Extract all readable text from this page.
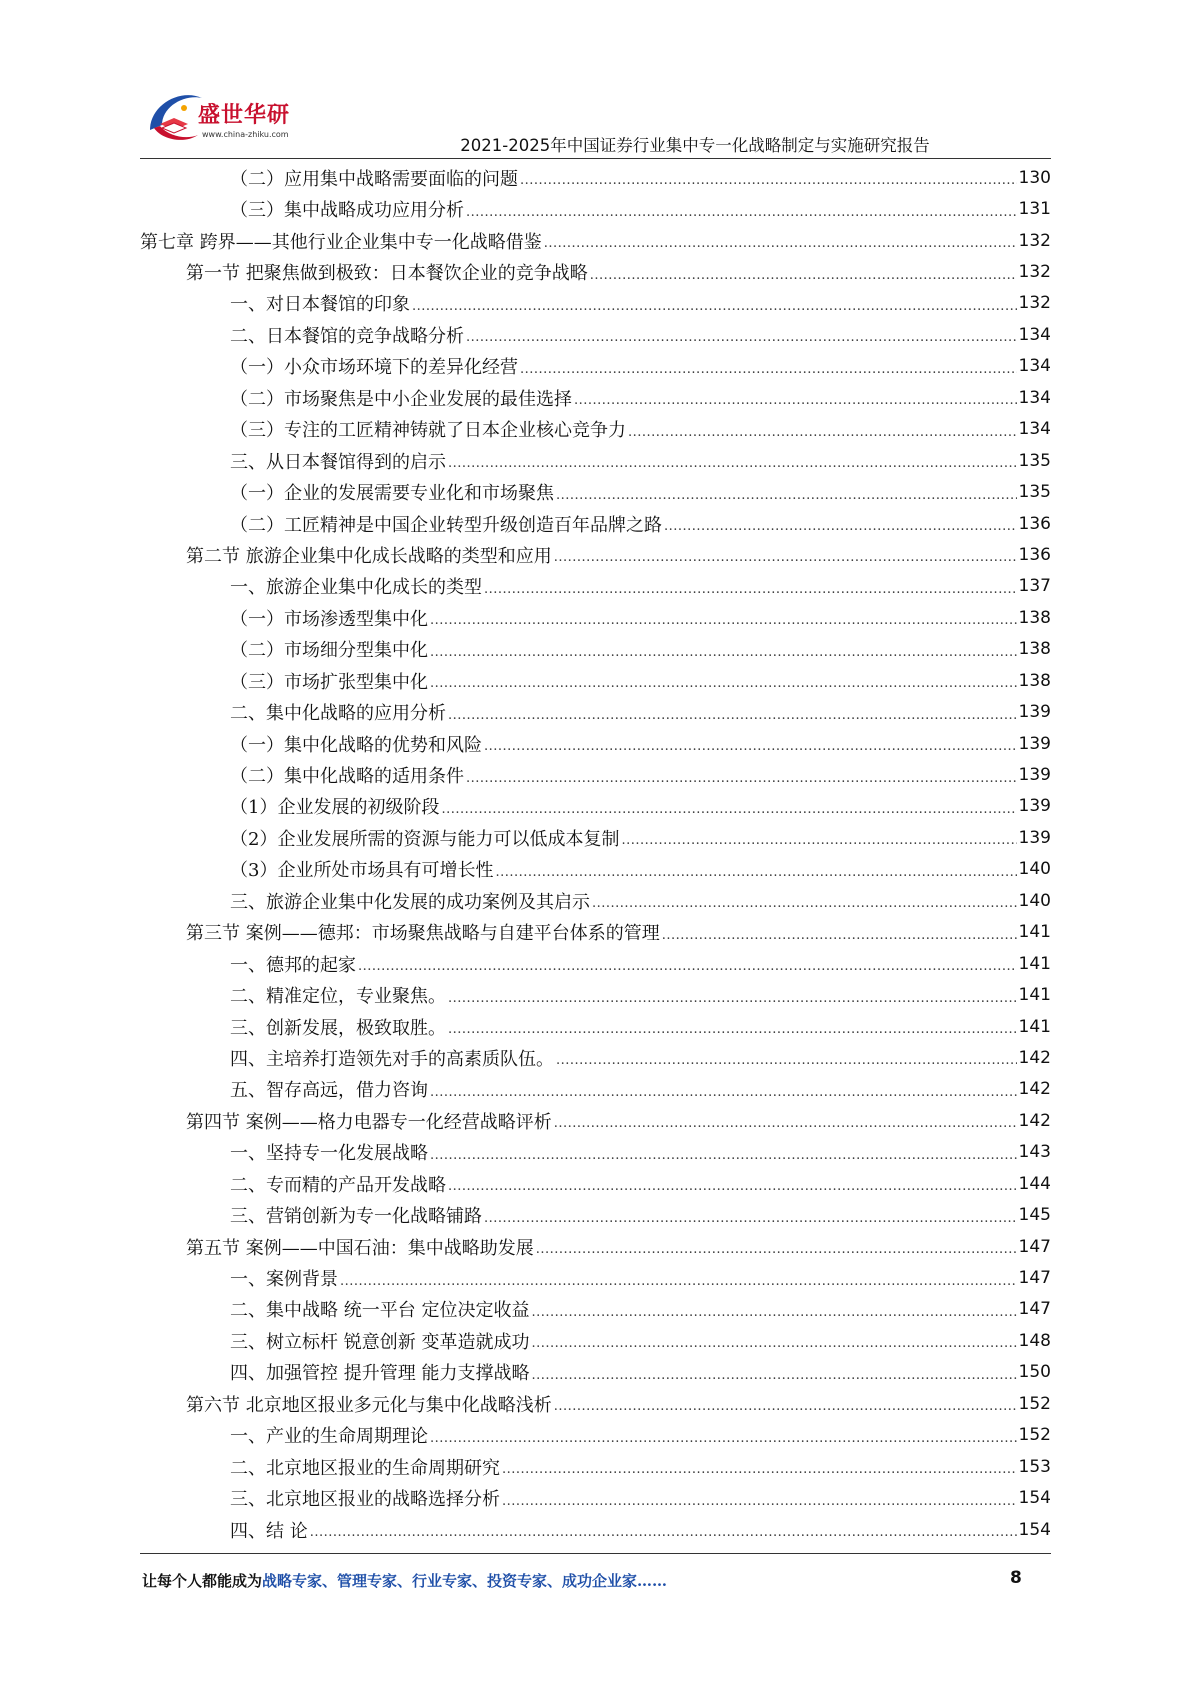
盛世华研
www.china-zhiku.com
2021-2025年中国证券行业集中专一化战略制定与实施研究报告
（二）应用集中战略需要面临的问题 .....	130
（三）集中战略成功应用分析 .....	131
第七章 跨界——其他行业企业集中专一化战略借鉴 .....	132
第一节 把聚焦做到极致：日本餐饮企业的竞争战略 .....	132
一、对日本餐馆的印象 .....	132
二、日本餐馆的竞争战略分析 .....	134
（一）小众市场环境下的差异化经营 .....	134
（二）市场聚焦是中小企业发展的最佳选择 .....	134
（三）专注的工匠精神铸就了日本企业核心竞争力 .....	134
三、从日本餐馆得到的启示 .....	135
（一）企业的发展需要专业化和市场聚焦 .....	135
（二）工匠精神是中国企业转型升级创造百年品牌之路 .....	136
第二节 旅游企业集中化成长战略的类型和应用 .....	136
一、旅游企业集中化成长的类型 .....	137
（一）市场渗透型集中化 .....	138
（二）市场细分型集中化 .....	138
（三）市场扩张型集中化 .....	138
二、集中化战略的应用分析 .....	139
（一）集中化战略的优势和风险 .....	139
（二）集中化战略的适用条件 .....	139
（1）企业发展的初级阶段 .....	139
（2）企业发展所需的资源与能力可以低成本复制 .....	139
（3）企业所处市场具有可增长性 .....	140
三、旅游企业集中化发展的成功案例及其启示 .....	140
第三节 案例——德邦：市场聚焦战略与自建平台体系的管理 .....	141
一、德邦的起家 .....	141
二、精准定位，专业聚焦。 .....	141
三、创新发展，极致取胜。 .....	141
四、主培养打造领先对手的高素质队伍。 .....	142
五、智存高远，借力咨询 .....	142
第四节 案例——格力电器专一化经营战略评析 .....	142
一、坚持专一化发展战略 .....	143
二、专而精的产品开发战略 .....	144
三、营销创新为专一化战略铺路 .....	145
第五节 案例——中国石油：集中战略助发展 .....	147
一、案例背景 .....	147
二、集中战略 统一平台 定位决定收益 .....	147
三、树立标杆 锐意创新 变革造就成功 .....	148
四、加强管控 提升管理 能力支撑战略 .....	150
第六节 北京地区报业多元化与集中化战略浅析 .....	152
一、产业的生命周期理论 .....	152
二、北京地区报业的生命周期研究 .....	153
三、北京地区报业的战略选择分析 .....	154
四、结 论 .....	154
让每个人都能成为战略专家、管理专家、行业专家、投资专家、成功企业家……	8
